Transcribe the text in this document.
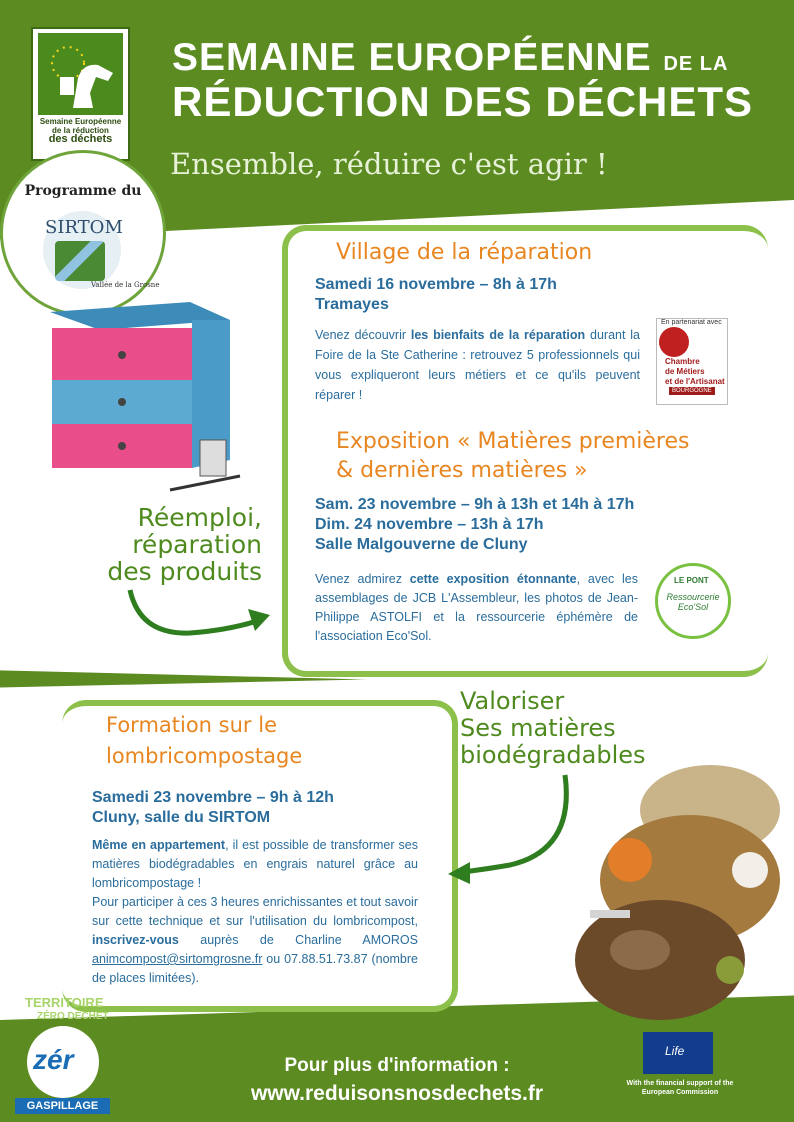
Semaine Européenne
de la réduction
des déchets
SEMAINE EUROPÉENNE DE LA
RÉDUCTION DES DÉCHETS
Ensemble, réduire c'est agir !
Programme du
SIRTOM
Vallée de la Grosne
Village de la réparation
Samedi 16 novembre – 8h à 17h
Tramayes
Venez découvrir les bienfaits de la réparation durant la Foire de la Ste Catherine : retrouvez 5 professionnels qui vous expliqueront leurs métiers et ce qu'ils peuvent réparer !
En partenariat avec
Chambre
de Métiers
et de l'Artisanat
BOURGOGNE
Exposition « Matières premières
& dernières matières »
Sam. 23 novembre – 9h à 13h et 14h à 17h
Dim. 24 novembre – 13h à 17h
Salle Malgouverne de Cluny
Venez admirez cette exposition étonnante, avec les assemblages de JCB L'Assembleur, les photos de Jean-Philippe ASTOLFI et la ressourcerie éphémère de l'association Eco'Sol.
LE PONT
Ressourcerie Eco'Sol
Réemploi,
réparation
des produits
Valoriser
Ses matières
biodégradables
Formation sur le
lombricompostage
Samedi 23 novembre – 9h à 12h
Cluny, salle du SIRTOM
Même en appartement, il est possible de transformer ses matières biodégradables en engrais naturel grâce au lombricompostage !
Pour participer à ces 3 heures enrichissantes et tout savoir sur cette technique et sur l'utilisation du lombricompost, inscrivez-vous auprès de Charline AMOROS animcompost@sirtomgrosne.fr ou 07.88.51.73.87 (nombre de places limitées).
TERRITOIRE
ZÉRO DÉCHET
zér
GASPILLAGE
Pour plus d'information :
www.reduisonsnosdechets.fr
Life
With the financial support of the European Commission
